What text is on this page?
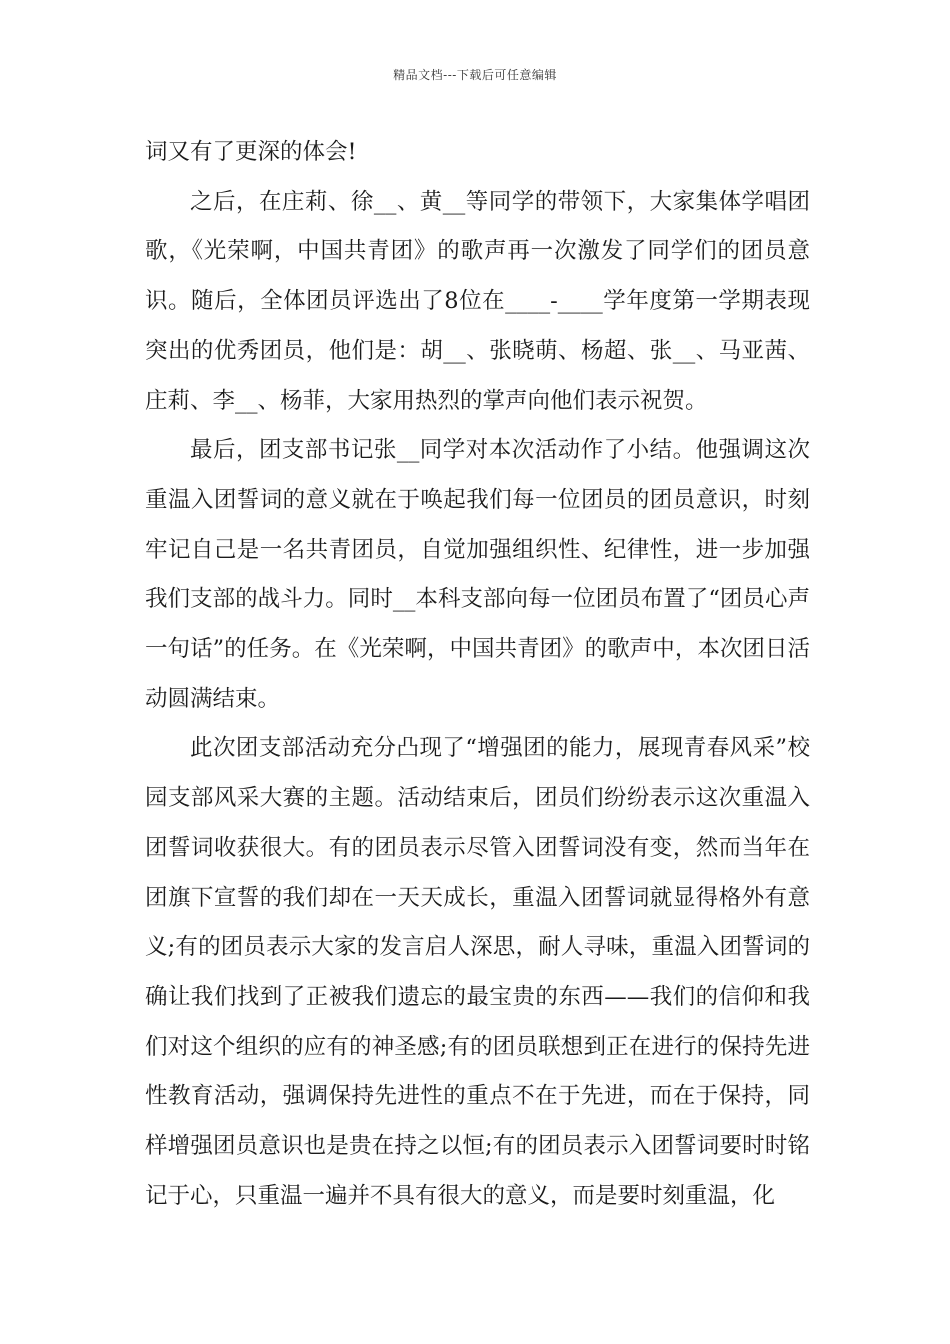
精品文档---下载后可任意编辑

词又有了更深的体会!

之后，在庄莉、徐__、黄__等同学的带领下，大家集体学唱团歌，《光荣啊，中国共青团》的歌声再一次激发了同学们的团员意识。随后，全体团员评选出了8位在____-____学年度第一学期表现突出的优秀团员，他们是：胡__、张晓萌、杨超、张__、马亚茜、庄莉、李__、杨菲，大家用热烈的掌声向他们表示祝贺。

最后，团支部书记张__同学对本次活动作了小结。他强调这次重温入团誓词的意义就在于唤起我们每一位团员的团员意识，时刻牢记自己是一名共青团员，自觉加强组织性、纪律性，进一步加强我们支部的战斗力。同时__本科支部向每一位团员布置了“团员心声一句话”的任务。在《光荣啊，中国共青团》的歌声中，本次团日活动圆满结束。

此次团支部活动充分凸现了“增强团的能力，展现青春风采”校园支部风采大赛的主题。活动结束后，团员们纷纷表示这次重温入团誓词收获很大。有的团员表示尽管入团誓词没有变，然而当年在团旗下宣誓的我们却在一天天成长，重温入团誓词就显得格外有意义;有的团员表示大家的发言启人深思，耐人寻味，重温入团誓词的确让我们找到了正被我们遗忘的最宝贵的东西——我们的信仰和我们对这个组织的应有的神圣感;有的团员联想到正在进行的保持先进性教育活动，强调保持先进性的重点不在于先进，而在于保持，同样增强团员意识也是贵在持之以恒;有的团员表示入团誓词要时时铭记于心，只重温一遍并不具有很大的意义，而是要时刻重温，化
